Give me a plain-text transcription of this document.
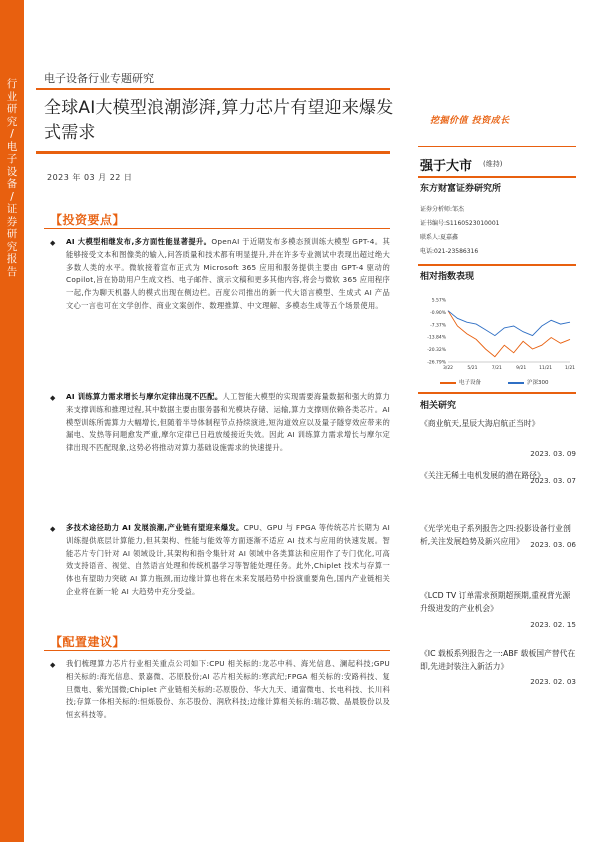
行业研究 / 电子设备 / 证券研究报告
电子设备行业专题研究
全球AI大模型浪潮澎湃,算力芯片有望迎来爆发式需求
2023 年 03 月 22 日
挖掘价值 投资成长
【投资要点】
◆ AI 大模型相继发布,多方面性能显著提升。OpenAI 于近期发布多模态预训练大模型 GPT-4。其能够接受文本和图像类的输入,问答质量和技术都有明显提升,并在许多专业测试中表现出超过绝大多数人类的水平。微软接着宣布正式为 Microsoft 365 应用和服务提供主要由 GPT-4 驱动的 Copilot,旨在协助用户生成文档、电子邮件、演示文稿和更多其他内容,将会与微软 365 应用程序一起,作为聊天机器人的模式出现在侧边栏。百度公司推出的新一代大语言模型、生成式 AI 产品文心一言也可在文学创作、商业文案创作、数理推算、中文理解、多模态生成等五个场景使用。
◆ AI 训练算力需求增长与摩尔定律出现不匹配。人工智能大模型的实现需要海量数据和强大的算力来支撑训练和推理过程,其中数据主要由服务器和光模块存储、运输,算力支撑则依赖各类芯片。AI 模型训练所需算力大幅增长,但随着半导体制程节点持续演进,短沟道效应以及量子隧穿效应带来的漏电、发热等问题愈发严重,摩尔定律已日趋放缓接近失效。因此 AI 训练算力需求增长与摩尔定律出现不匹配现象,这势必将推动对算力基础设施需求的快速提升。
◆ 多技术途径助力 AI 发展浪潮,产业链有望迎来爆发。CPU、GPU 与 FPGA 等传统芯片长期为 AI 训练提供底层计算能力,但其架构、性能与能效等方面逐渐不适应 AI 技术与应用的快速发展。智能芯片专门针对 AI 领域设计,其架构和指令集针对 AI 领域中各类算法和应用作了专门优化,可高效支持语音、视觉、自然语言处理和传统机器学习等智能处理任务。此外,Chiplet 技术与存算一体也有望助力突破 AI 算力瓶颈,而边缘计算也将在未来发展趋势中扮演重要角色,国内产业链相关企业将在新一轮 AI 大趋势中充分受益。
【配置建议】
◆ 我们梳理算力芯片行业相关重点公司如下:CPU 相关标的:龙芯中科、海光信息、澜起科技;GPU 相关标的:海光信息、景嘉微、芯原股份;AI 芯片相关标的:寒武纪;FPGA 相关标的:安路科技、复旦微电、紫光国微;Chiplet 产业链相关标的:芯原股份、华大九天、通富微电、长电科技、长川科技;存算一体相关标的:恒烁股份、东芯股份、润欣科技;边缘计算相关标的:瑞芯微、晶晨股份以及恒玄科技等。
强于大市 (维持)
东方财富证券研究所
证券分析师:邹杰
证书编号:S1160523010001
联系人:夏嘉鑫
电话:021-23586316
相对指数表现
5.57%
-0.90%
-7.37%
-13.84%
-20.32%
-26.79%
3/22	5/21	7/21	9/21	11/21	1/21
电子设备	沪深300
相关研究
《商业航天,星辰大海启航正当时》
2023. 03. 09
《关注无稀土电机发展的潜在路径》
2023. 03. 07
《光学光电子系列报告之四:投影设备行业剖析,关注发展趋势及新兴应用》 2023. 03. 06
《LCD TV 订单需求预期超预期,重视背光源升级进发的产业机会》
2023. 02. 15
《IC 载板系列报告之一:ABF 载板国产替代在即,先进封装注入新活力》
2023. 02. 03
